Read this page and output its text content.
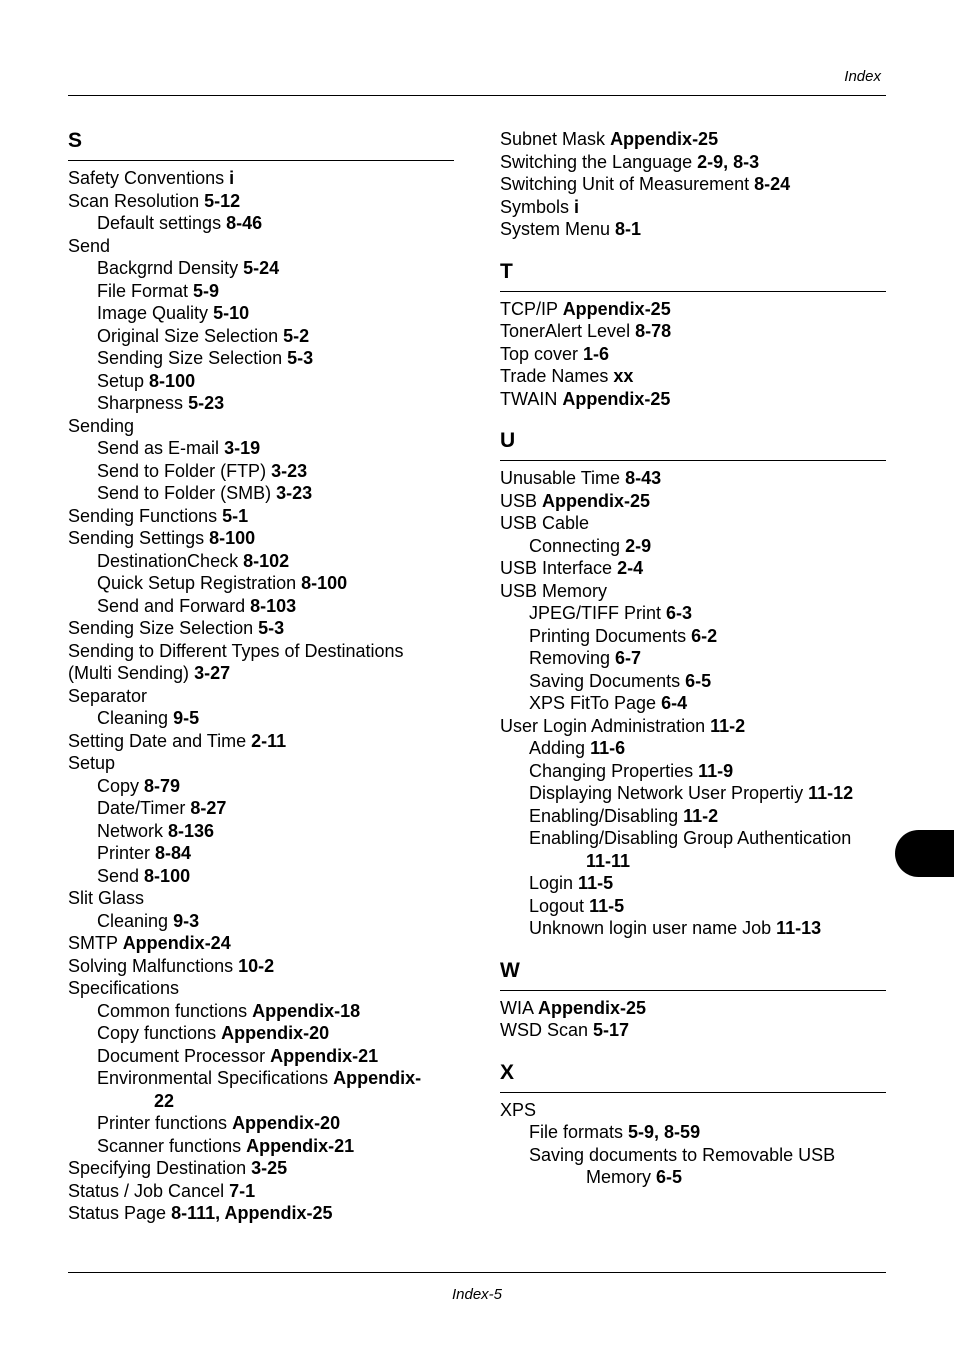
Index
S
Safety Conventions i
Scan Resolution 5-12
Default settings 8-46
Send
Backgrnd Density 5-24
File Format 5-9
Image Quality 5-10
Original Size Selection 5-2
Sending Size Selection 5-3
Setup 8-100
Sharpness 5-23
Sending
Send as E-mail 3-19
Send to Folder (FTP) 3-23
Send to Folder (SMB) 3-23
Sending Functions 5-1
Sending Settings 8-100
DestinationCheck 8-102
Quick Setup Registration 8-100
Send and Forward 8-103
Sending Size Selection 5-3
Sending to Different Types of Destinations
(Multi Sending) 3-27
Separator
Cleaning 9-5
Setting Date and Time 2-11
Setup
Copy 8-79
Date/Timer 8-27
Network 8-136
Printer 8-84
Send 8-100
Slit Glass
Cleaning 9-3
SMTP Appendix-24
Solving Malfunctions 10-2
Specifications
Common functions Appendix-18
Copy functions Appendix-20
Document Processor Appendix-21
Environmental Specifications Appendix-
22
Printer functions Appendix-20
Scanner functions Appendix-21
Specifying Destination 3-25
Status / Job Cancel 7-1
Status Page 8-111, Appendix-25
Subnet Mask Appendix-25
Switching the Language 2-9, 8-3
Switching Unit of Measurement 8-24
Symbols i
System Menu 8-1
T
TCP/IP Appendix-25
TonerAlert Level 8-78
Top cover 1-6
Trade Names xx
TWAIN Appendix-25
U
Unusable Time 8-43
USB Appendix-25
USB Cable
Connecting 2-9
USB Interface 2-4
USB Memory
JPEG/TIFF Print 6-3
Printing Documents 6-2
Removing 6-7
Saving Documents 6-5
XPS FitTo Page 6-4
User Login Administration 11-2
Adding 11-6
Changing Properties 11-9
Displaying Network User Propertiy 11-12
Enabling/Disabling 11-2
Enabling/Disabling Group Authentication
11-11
Login 11-5
Logout 11-5
Unknown login user name Job 11-13
W
WIA Appendix-25
WSD Scan 5-17
X
XPS
File formats 5-9, 8-59
Saving documents to Removable USB
Memory 6-5
Index-5
